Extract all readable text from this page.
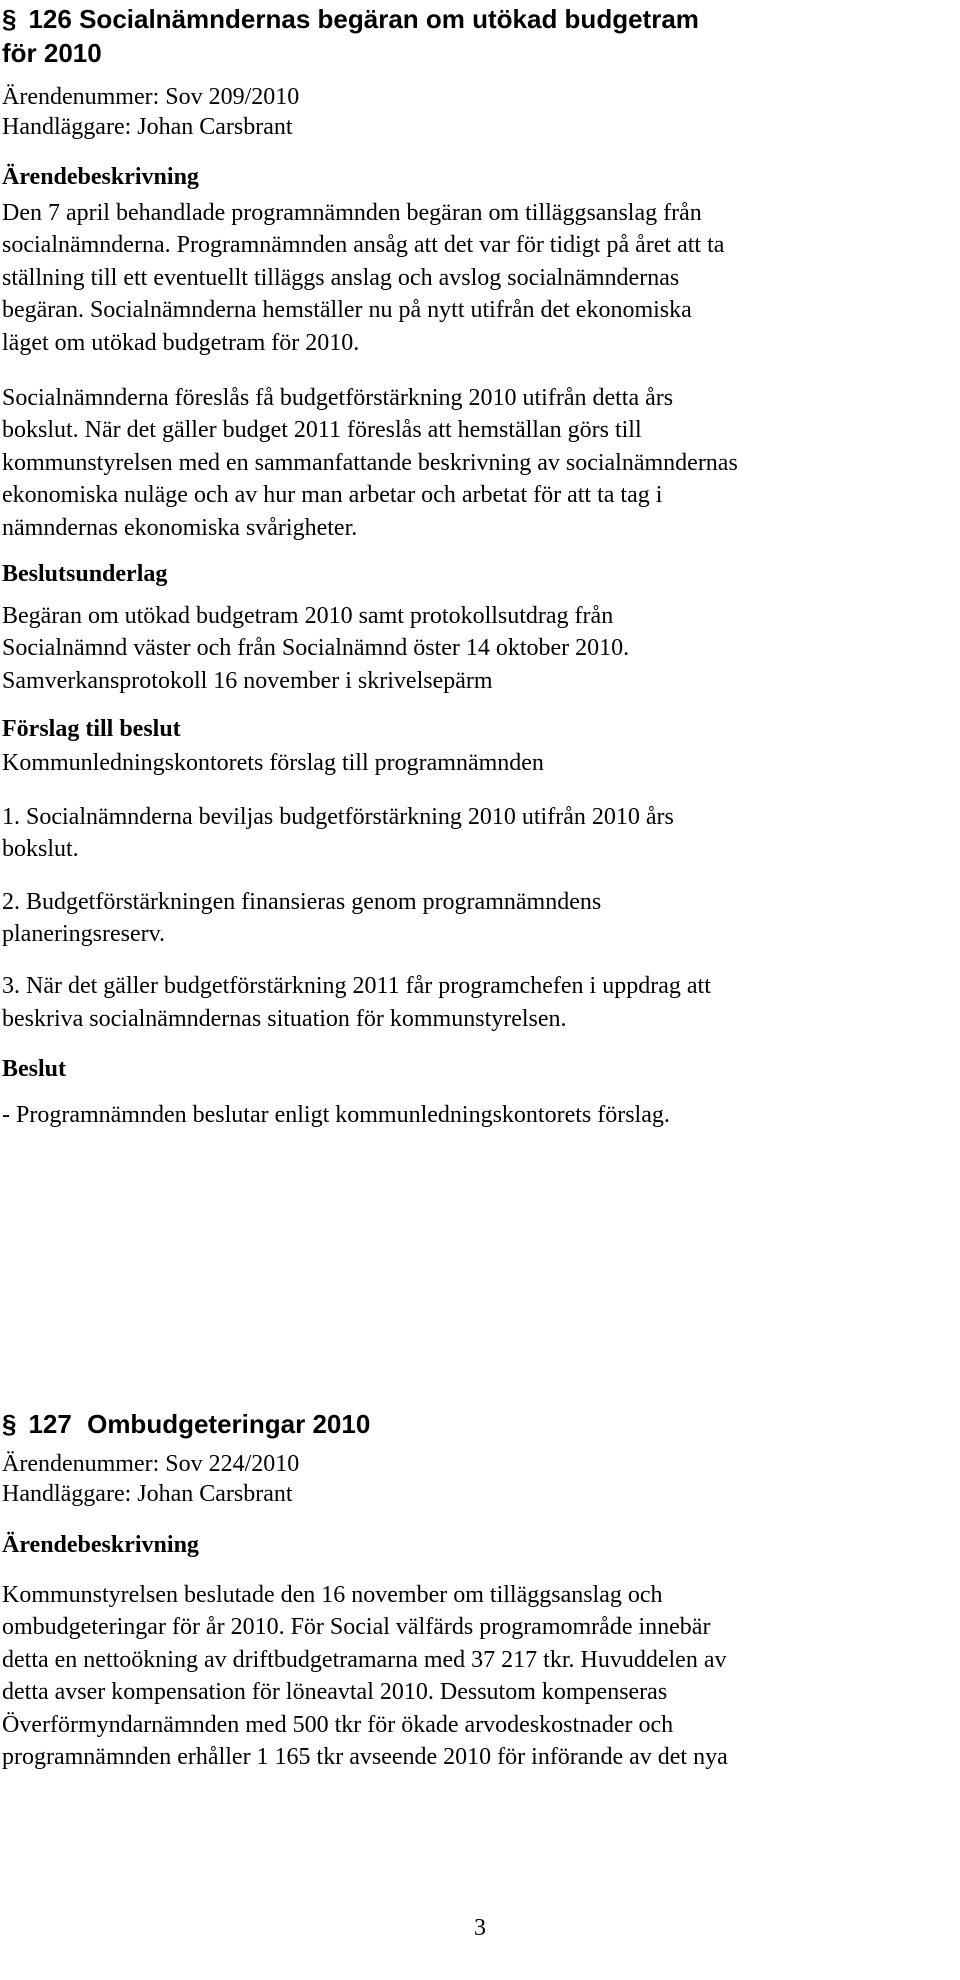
§ 126 Socialnämndernas begäran om utökad budgetram
för 2010

Ärendenummer: Sov 209/2010

Handläggare: Johan Carsbrant

Ärendebeskrivning

Den 7 april behandlade programnämnden begäran om tilläggsanslag från
socialnämnderna. Programnämnden ansåg att det var för tidigt på året att ta
ställning till ett eventuellt tilläggs anslag och avslog socialnämndernas
begäran. Socialnämnderna hemställer nu på nytt utifrån det ekonomiska
läget om utökad budgetram för 2010.
Socialnämnderna föreslås få budgetförstärkning 2010 utifrån detta års
bokslut. När det gäller budget 2011 föreslås att hemställan görs till
kommunstyrelsen med en sammanfattande beskrivning av socialnämndernas
ekonomiska nuläge och av hur man arbetar och arbetat för att ta tag i
nämndernas ekonomiska svårigheter.

Beslutsunderlag

Begäran om utökad budgetram 2010 samt protokollsutdrag från
Socialnämnd väster och från Socialnämnd öster 14 oktober 2010.
Samverkansprotokoll 16 november i skrivelsepärm

Förslag till beslut

Kommunledningskontorets förslag till programnämnden
1. Socialnämnderna beviljas budgetförstärkning 2010 utifrån 2010 års
bokslut.
2. Budgetförstärkningen finansieras genom programnämndens
planeringsreserv.
3. När det gäller budgetförstärkning 2011 får programchefen i uppdrag att
beskriva socialnämndernas situation för kommunstyrelsen.

Beslut

- Programnämnden beslutar enligt kommunledningskontorets förslag.
§ 127 Ombudgeteringar 2010

Ärendenummer: Sov 224/2010

Handläggare: Johan Carsbrant

Ärendebeskrivning

Kommunstyrelsen beslutade den 16 november om tilläggsanslag och
ombudgeteringar för år 2010. För Social välfärds programområde innebär
detta en nettoökning av driftbudgetramarna med 37 217 tkr. Huvuddelen av
detta avser kompensation för löneavtal 2010. Dessutom kompenseras
Överförmyndarnämnden med 500 tkr för ökade arvodeskostnader och
programnämnden erhåller 1 165 tkr avseende 2010 för införande av det nya
3
